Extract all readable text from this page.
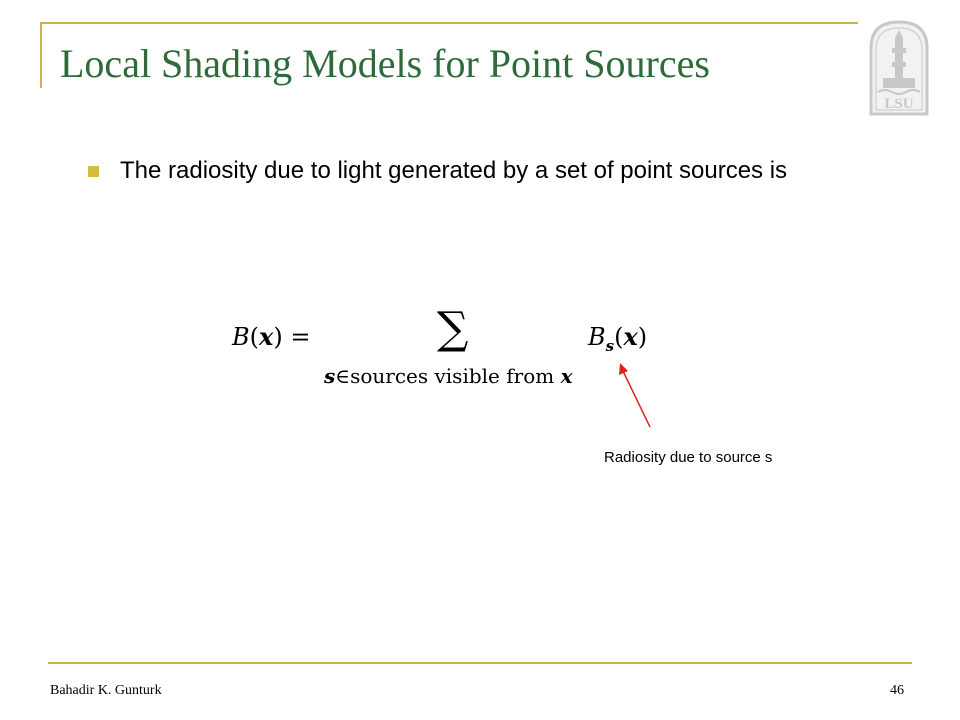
Local Shading Models for Point Sources
LSU
The radiosity due to light generated by a set of point sources is
B(x) =	∑
s∈sources visible from x
$B_s(x)$
Radiosity due to source s
Bahadir K. Gunturk	46
